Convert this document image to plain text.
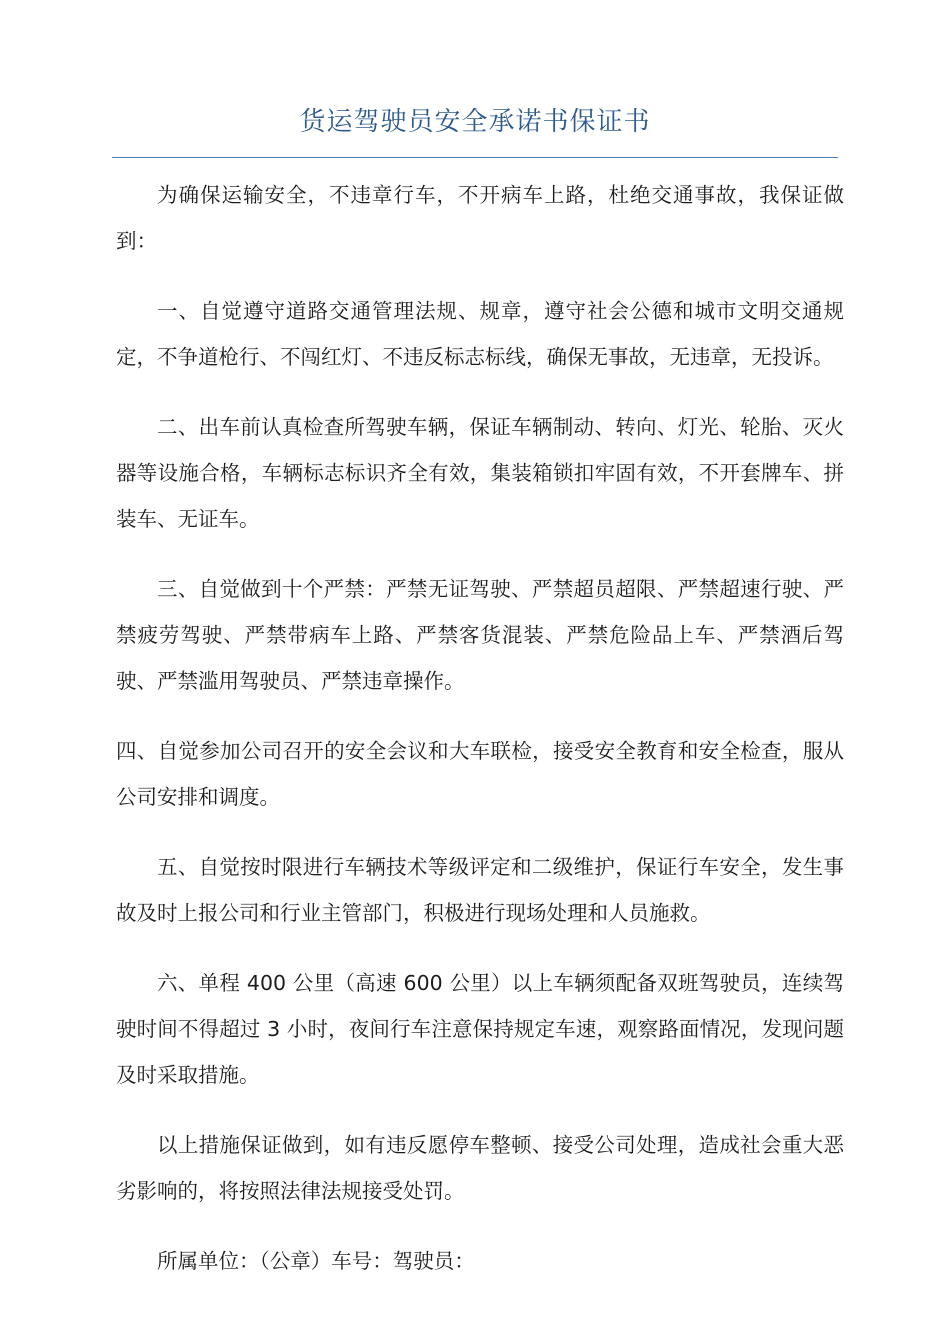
货运驾驶员安全承诺书保证书

为确保运输安全，不违章行车，不开病车上路，杜绝交通事故，我保证做到：

一、自觉遵守道路交通管理法规、规章，遵守社会公德和城市文明交通规定，不争道枪行、不闯红灯、不违反标志标线，确保无事故，无违章，无投诉。

二、出车前认真检查所驾驶车辆，保证车辆制动、转向、灯光、轮胎、灭火器等设施合格，车辆标志标识齐全有效，集装箱锁扣牢固有效，不开套牌车、拼装车、无证车。

三、自觉做到十个严禁：严禁无证驾驶、严禁超员超限、严禁超速行驶、严禁疲劳驾驶、严禁带病车上路、严禁客货混装、严禁危险品上车、严禁酒后驾驶、严禁滥用驾驶员、严禁违章操作。

四、自觉参加公司召开的安全会议和大车联检，接受安全教育和安全检查，服从公司安排和调度。

五、自觉按时限进行车辆技术等级评定和二级维护，保证行车安全，发生事故及时上报公司和行业主管部门，积极进行现场处理和人员施救。

六、单程 400 公里（高速 600 公里）以上车辆须配备双班驾驶员，连续驾驶时间不得超过 3 小时，夜间行车注意保持规定车速，观察路面情况，发现问题及时采取措施。

以上措施保证做到，如有违反愿停车整顿、接受公司处理，造成社会重大恶劣影响的，将按照法律法规接受处罚。

所属单位：（公章）车号：驾驶员：
